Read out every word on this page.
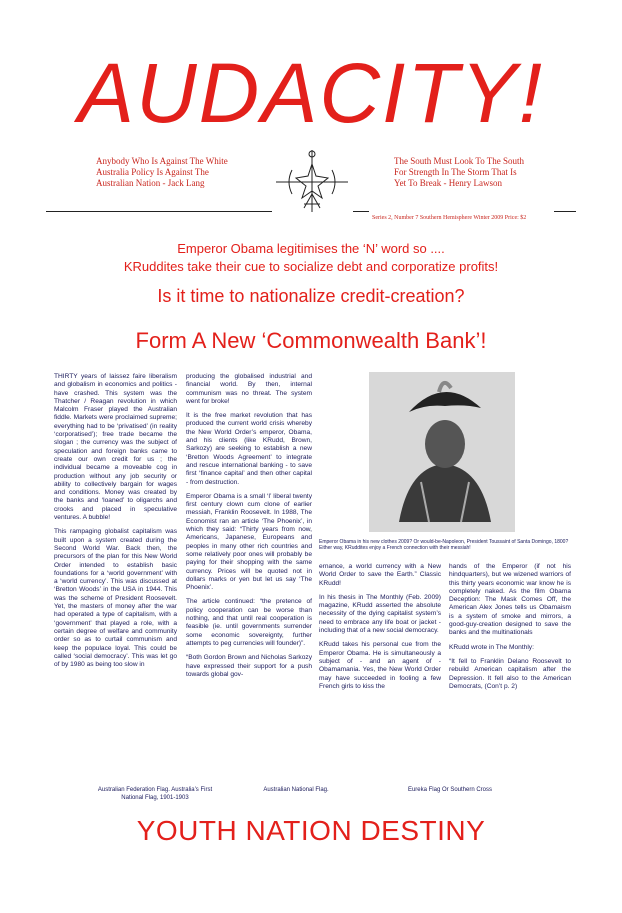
AUDACITY!
Anybody Who Is Against The White
Australia Policy Is Against The
Australian Nation - Jack Lang
The South Must Look To The South
For Strength In The Storm That Is
Yet To Break - Henry Lawson
Series 2, Number 7 Southern Hemisphere Winter 2009 Price: $2
Emperor Obama legitimises the ‘N’ word so ....
KRuddites take their cue to socialize debt and corporatize profits!
Is it time to nationalize credit-creation?
Form A New ‘Commonwealth Bank’!

THIRTY years of laissez faire liberalism and globalism in economics and politics - have crashed. This system was the Thatcher / Reagan revolution in which Malcolm Fraser played the Australian fiddle. Markets were proclaimed supreme; everything had to be ‘privatised’ (in reality ‘corporatised’); free trade became the slogan ; the currency was the subject of speculation and foreign banks came to create our own credit for us ; the individual became a moveable cog in production without any job security or ability to collectively bargain for wages and conditions. Money was created by the banks and ‘loaned’ to oligarchs and crooks and placed in speculative ventures. A bubble!

This rampaging globalist capitalism was built upon a system created during the Second World War. Back then, the precursors of the plan for this New World Order intended to establish basic foundations for a ‘world government’ with a ‘world currency’. This was discussed at ‘Bretton Woods’ in the USA in 1944. This was the scheme of President Roosevelt. Yet, the masters of money after the war had operated a type of capitalism, with a ‘government’ that played a role, with a certain degree of welfare and community order so as to curtail communism and keep the populace loyal. This could be called ‘social democracy’. This was let go of by 1980 as being too slow in

producing the globalised industrial and financial world. By then, internal communism was no threat. The system went for broke!

It is the free market revolution that has produced the current world crisis whereby the New World Order’s emperor, Obama, and his clients (like KRudd, Brown, Sarkozy) are seeking to establish a new ‘Bretton Woods Agreement’ to integrate and rescue international banking - to save first ‘finance capital’ and then other capital - from destruction.

Emperor Obama is a small ‘l’ liberal twenty first century clown cum clone of earlier messiah, Franklin Roosevelt. In 1988, The Economist ran an article ‘The Phoenix’, in which they said: “Thirty years from now, Americans, Japanese, Europeans and peoples in many other rich countries and some relatively poor ones will probably be paying for their shopping with the same currency. Prices will be quoted not in dollars marks or yen but let us say ‘The Phoenix’.

The article continued: “the pretence of policy cooperation can be worse than nothing, and that until real cooperation is feasible (ie. until governments surrender some economic sovereignty, further attempts to peg currencies will founder)”.

“Both Gordon Brown and Nicholas Sarkozy have expressed their support for a push towards global gov-

Emperor Obama in his new clothes 2009? Or would-be-Napoleon, President Toussaint of Santa Domingo, 1800? Either way, KRuddites enjoy a French connection with their messiah!

ernance, a world currency with a New World Order to save the Earth.” Classic KRudd!

In his thesis in The Monthly (Feb. 2009) magazine, KRudd asserted the absolute necessity of the dying capitalist system’s need to embrace any life boat or jacket - including that of a new social democracy.

KRudd takes his personal cue from the Emperor Obama. He is simultaneously a subject of - and an agent of - Obamamania. Yes, the New World Order may have succeeded in fooling a few French girls to kiss the

hands of the Emperor (if not his hindquarters), but we wizened warriors of this thirty years economic war know he is completely naked. As the film Obama Deception: The Mask Comes Off, the American Alex Jones tells us Obamaism is a system of smoke and mirrors, a good-guy-creation designed to save the banks and the multinationals

KRudd wrote in The Monthly:

“It fell to Franklin Delano Roosevelt to rebuild American capitalism after the Depression. It fell also to the American Democrats, (Con’t p. 2)

Australian Federation Flag. Australia’s First National Flag, 1901-1903
Australian National Flag.	Eureka Flag Or Southern Cross
YOUTH NATION DESTINY
